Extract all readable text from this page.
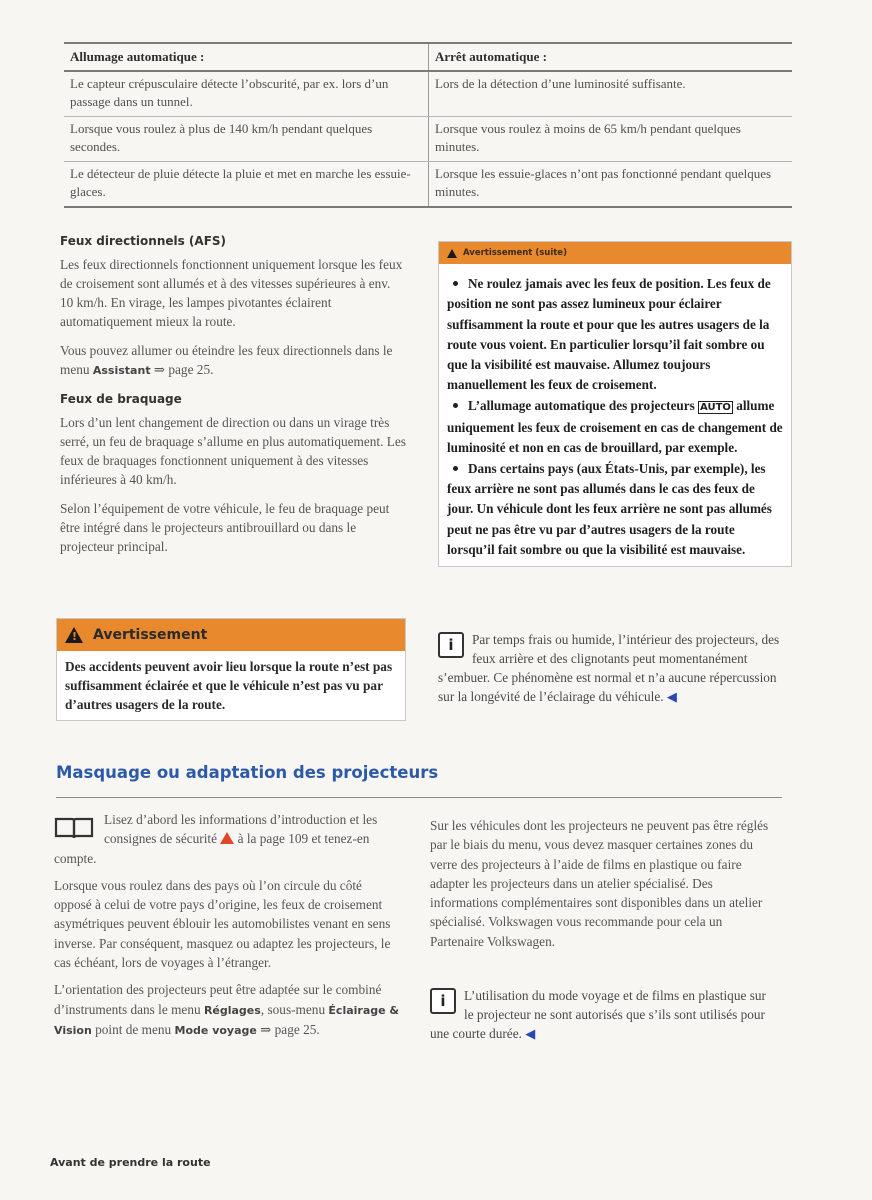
Allumage automatique :	Arrêt automatique :
Le capteur crépusculaire détecte l’obscurité, par ex. lors d’un passage dans un tunnel.	Lors de la détection d’une luminosité suffisante.
Lorsque vous roulez à plus de 140 km/h pendant quelques secondes.	Lorsque vous roulez à moins de 65 km/h pendant quelques minutes.
Le détecteur de pluie détecte la pluie et met en marche les essuie-glaces.	Lorsque les essuie-glaces n’ont pas fonctionné pendant quelques minutes.
Feux directionnels (AFS)

Les feux directionnels fonctionnent uniquement lorsque les feux de croisement sont allumés et à des vitesses supérieures à env. 10 km/h. En virage, les lampes pivotantes éclairent automatiquement mieux la route.

Vous pouvez allumer ou éteindre les feux directionnels dans le menu Assistant ⇒ page 25.

Feux de braquage

Lors d’un lent changement de direction ou dans un virage très serré, un feu de braquage s’allume en plus automatiquement. Les feux de braquages fonctionnent uniquement à des vitesses inférieures à 40 km/h.

Selon l’équipement de votre véhicule, le feu de braquage peut être intégré dans le projecteurs antibrouillard ou dans le projecteur principal.

!
Avertissement
Des accidents peuvent avoir lieu lorsque la route n’est pas suffisamment éclairée et que le véhicule n’est pas vu par d’autres usagers de la route.
Avertissement (suite)

Ne roulez jamais avec les feux de position. Les feux de position ne sont pas assez lumineux pour éclairer suffisamment la route et pour que les autres usagers de la route vous voient. En particulier lorsqu’il fait sombre ou que la visibilité est mauvaise. Allumez toujours manuellement les feux de croisement.

L’allumage automatique des projecteurs AUTO allume uniquement les feux de croisement en cas de changement de luminosité et non en cas de brouillard, par exemple.

Dans certains pays (aux États-Unis, par exemple), les feux arrière ne sont pas allumés dans le cas des feux de jour. Un véhicule dont les feux arrière ne sont pas allumés peut ne pas être vu par d’autres usagers de la route lorsqu’il fait sombre ou que la visibilité est mauvaise.

i	Par temps frais ou humide, l’intérieur des projecteurs, des feux arrière et des clignotants peut momentanément s’embuer. Ce phénomène est normal et n’a aucune répercussion sur la longévité de l’éclairage du véhicule. ◀
Masquage ou adaptation des projecteurs

Lisez d’abord les informations d’introduction et les consignes de sécurité  à la page 109 et tenez-en compte.

Lorsque vous roulez dans des pays où l’on circule du côté opposé à celui de votre pays d’origine, les feux de croisement asymétriques peuvent éblouir les automobilistes venant en sens inverse. Par conséquent, masquez ou adaptez les projecteurs, le cas échéant, lors de voyages à l’étranger.

L’orientation des projecteurs peut être adaptée sur le combiné d’instruments dans le menu Réglages, sous-menu Éclairage & Vision point de menu Mode voyage ⇒ page 25.

Sur les véhicules dont les projecteurs ne peuvent pas être réglés par le biais du menu, vous devez masquer certaines zones du verre des projecteurs à l’aide de films en plastique ou faire adapter les projecteurs dans un atelier spécialisé. Des informations complémentaires sont disponibles dans un atelier spécialisé. Volkswagen vous recommande pour cela un Partenaire Volkswagen.

i	L’utilisation du mode voyage et de films en plastique sur le projecteur ne sont autorisés que s’ils sont utilisés pour une courte durée. ◀
Avant de prendre la route
